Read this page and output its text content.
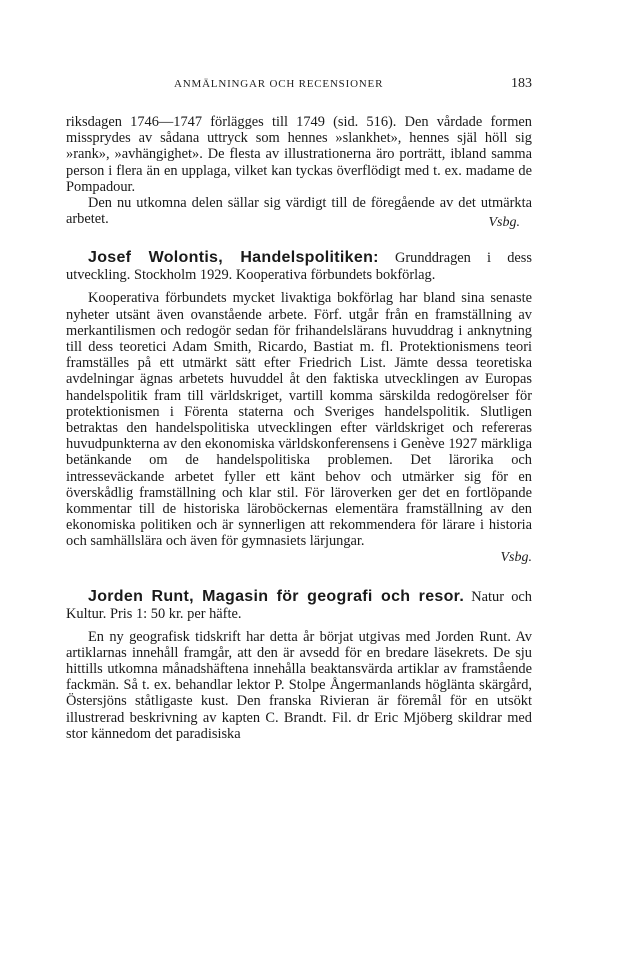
ANMÄLNINGAR OCH RECENSIONER	183

riksdagen 1746—1747 förlägges till 1749 (sid. 516). Den vårdade formen missprydes av sådana uttryck som hennes »slankhet», hennes själ höll sig »rank», »avhängighet». De flesta av illustrationerna äro porträtt, ibland samma person i flera än en upplaga, vilket kan tyckas överflödigt med t. ex. madame de Pompadour.

Den nu utkomna delen sällar sig värdigt till de föregående av det utmärkta arbetet.	Vsbg.

Josef Wolontis, Handelspolitiken: Grunddragen i dess utveckling. Stockholm 1929. Kooperativa förbundets bokförlag.

Kooperativa förbundets mycket livaktiga bokförlag har bland sina senaste nyheter utsänt även ovanstående arbete. Förf. utgår från en framställning av merkantilismen och redogör sedan för frihandelslärans huvuddrag i anknytning till dess teoretici Adam Smith, Ricardo, Bastiat m. fl. Protektionismens teori framställes på ett utmärkt sätt efter Friedrich List. Jämte dessa teoretiska avdelningar ägnas arbetets huvuddel åt den faktiska utvecklingen av Europas handelspolitik fram till världskriget, vartill komma särskilda redogörelser för protektionismen i Förenta staterna och Sveriges handelspolitik. Slutligen betraktas den handelspolitiska utvecklingen efter världskriget och refereras huvudpunkterna av den ekonomiska världskonferensens i Genève 1927 märkliga betänkande om de handelspolitiska problemen. Det lärorika och intresseväckande arbetet fyller ett känt behov och utmärker sig för en överskådlig framställning och klar stil. För läroverken ger det en fortlöpande kommentar till de historiska läroböckernas elementära framställning av den ekonomiska politiken och är synnerligen att rekommendera för lärare i historia och samhällslära och även för gymnasiets lärjungar.

Vsbg.

Jorden Runt, Magasin för geografi och resor. Natur och Kultur. Pris 1: 50 kr. per häfte.

En ny geografisk tidskrift har detta år börjat utgivas med Jorden Runt. Av artiklarnas innehåll framgår, att den är avsedd för en bredare läsekrets. De sju hittills utkomna månadshäftena innehålla beaktansvärda artiklar av framstående fackmän. Så t. ex. behandlar lektor P. Stolpe Ångermanlands höglänta skärgård, Östersjöns ståtligaste kust. Den franska Rivieran är föremål för en utsökt illustrerad beskrivning av kapten C. Brandt. Fil. dr Eric Mjöberg skildrar med stor kännedom det paradisiska
